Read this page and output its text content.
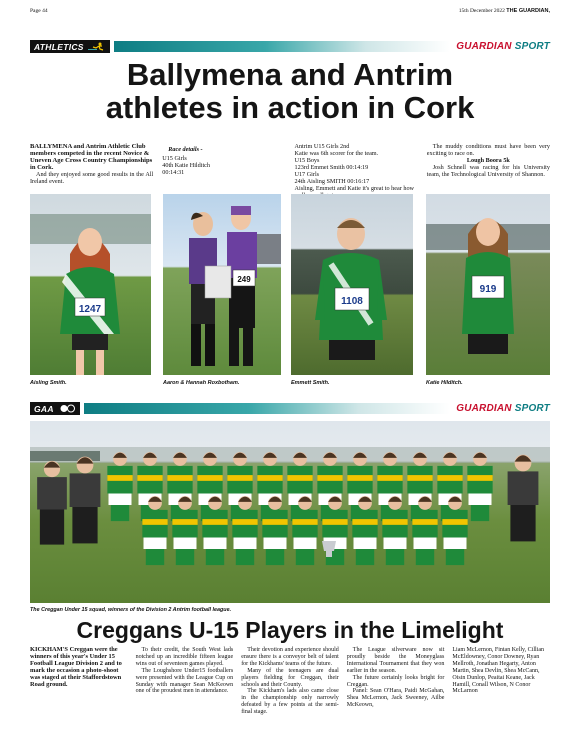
Page 44	15th December 2022 THE GUARDIAN,
ATHLETICS	GUARDIAN SPORT
Ballymena and Antrim
athletes in action in Cork

BALLYMENA and Antrim Athletic Club members competed in the recent Novice & Uneven Age Cross Country Championships in Cork.

And they enjoyed some good results in the All Ireland event.

Race details -

U15 Girls

40th Katie Hilditch

00:14:31

Antrim U15 Girls 2nd

Katie was 6th scorer for the team.

U15 Boys

123rd Emmet Smith 00:14:19

U17 Girls

24th Aisling SMITH 00:16:17

Aisling, Emmett and Katie it's great to hear how

The muddy conditions must have been very exciting to race on.

Lough Boora 5k

Josh Schnell was racing for his University team, the Technological University of Shannon.

1247
Aisling Smith.
249
Aaron & Hannah Roxbotham.
1108
Emmett Smith.
919
Katie Hilditch.
GAA	GUARDIAN SPORT
The Creggan Under 15 squad, winners of the Division 2 Antrim football league.
Creggans U-15 Players in the Limelight

KICKHAM'S Creggan were the winners of this year's Under 15 Football League Division 2 and to mark the occasion a photo-shoot was staged at their Staffordstown Road ground.

To their credit, the South West lads notched up an incredible fifteen league wins out of seventeen games played.

The Loughshore Under15 footballers were presented with the League Cup on Sunday with manager Sean McKeown one of the proudest men in attendance.

Their devotion and experience should ensure there is a conveyor belt of talent for the Kickhams' teams of the future.

Many of the teenagers are dual players fielding for Creggan, their schools and their County.

The Kickham's lads also came close in the championship only narrowly defeated by a few points at the semi-final stage.

The League silverware now sit proudly beside the Moneyglass International Tournament that they won earlier in the season.

The future certainly looks bright for Creggan.

Panel: Sean O'Hara, Paidi McGahan, Shea McLernon, Jack Sweeney, Ailbe McKeown,

Liam McLernon, Fintan Kelly, Cillian McEldowney, Conor Downey, Ryan Mellroth, Jonathan Hegarty, Anton Martin, Shea Devlin, Shea McCann, Oisin Dunlop, Peaitai Keane, Jack Hamill, Conall Wilson, N Conor McLarnon
